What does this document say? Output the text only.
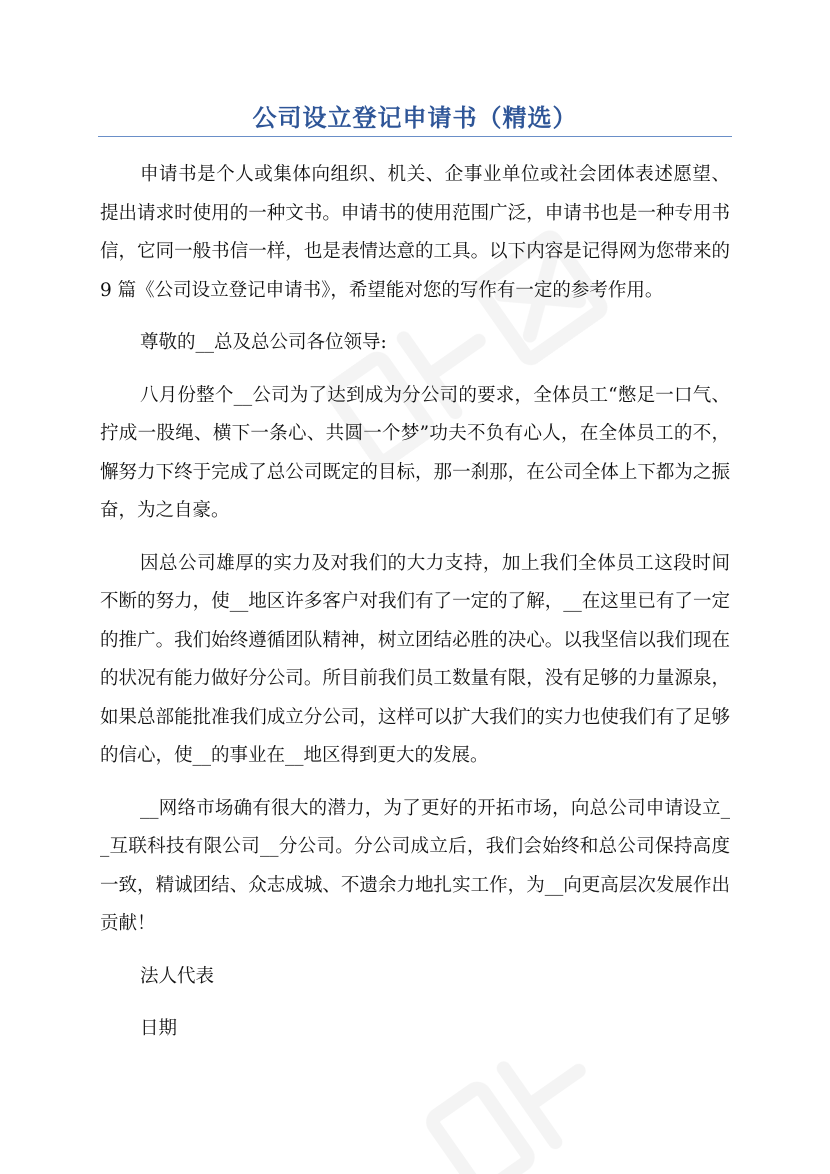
公司设立登记申请书（精选）

申请书是个人或集体向组织、机关、企事业单位或社会团体表述愿望、提出请求时使用的一种文书。申请书的使用范围广泛，申请书也是一种专用书信，它同一般书信一样，也是表情达意的工具。以下内容是记得网为您带来的 9 篇《公司设立登记申请书》，希望能对您的写作有一定的参考作用。

尊敬的__总及总公司各位领导:

八月份整个__公司为了达到成为分公司的要求，全体员工“憋足一口气、拧成一股绳、横下一条心、共圆一个梦”功夫不负有心人，在全体员工的不，懈努力下终于完成了总公司既定的目标，那一刹那，在公司全体上下都为之振奋，为之自豪。

因总公司雄厚的实力及对我们的大力支持，加上我们全体员工这段时间不断的努力，使__地区许多客户对我们有了一定的了解，__在这里已有了一定的推广。我们始终遵循团队精神，树立团结必胜的决心。以我坚信以我们现在的状况有能力做好分公司。所目前我们员工数量有限，没有足够的力量源泉，如果总部能批准我们成立分公司，这样可以扩大我们的实力也使我们有了足够的信心，使__的事业在__地区得到更大的发展。

__网络市场确有很大的潜力，为了更好的开拓市场，向总公司申请设立__互联科技有限公司__分公司。分公司成立后，我们会始终和总公司保持高度一致，精诚团结、众志成城、不遗余力地扎实工作，为__向更高层次发展作出贡献！

法人代表

日期
